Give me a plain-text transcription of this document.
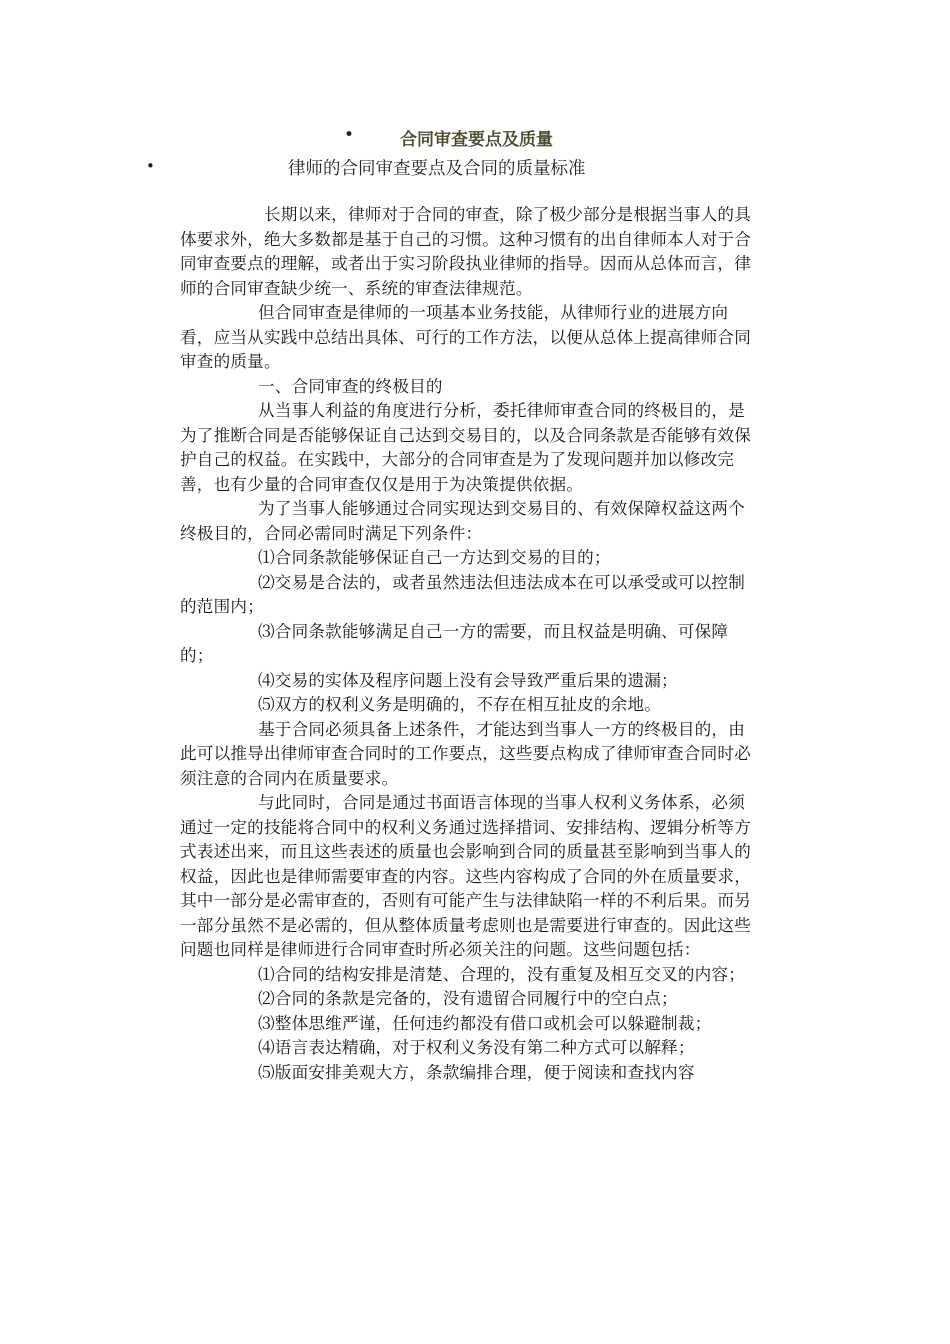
•	合同审查要点及质量
•	律师的合同审查要点及合同的质量标准

长期以来，律师对于合同的审查，除了极少部分是根据当事人的具体要求外，绝大多数都是基于自己的习惯。这种习惯有的出自律师本人对于合同审查要点的理解，或者出于实习阶段执业律师的指导。因而从总体而言，律师的合同审查缺少统一、系统的审查法律规范。

但合同审查是律师的一项基本业务技能，从律师行业的进展方向看，应当从实践中总结出具体、可行的工作方法，以便从总体上提高律师合同审查的质量。

一、合同审查的终极目的

从当事人利益的角度进行分析，委托律师审查合同的终极目的，是为了推断合同是否能够保证自己达到交易目的，以及合同条款是否能够有效保护自己的权益。在实践中，大部分的合同审查是为了发现问题并加以修改完善，也有少量的合同审查仅仅是用于为决策提供依据。

为了当事人能够通过合同实现达到交易目的、有效保障权益这两个终极目的，合同必需同时满足下列条件：

⑴合同条款能够保证自己一方达到交易的目的；

⑵交易是合法的，或者虽然违法但违法成本在可以承受或可以控制的范围内；

⑶合同条款能够满足自己一方的需要，而且权益是明确、可保障的；

⑷交易的实体及程序问题上没有会导致严重后果的遗漏；

⑸双方的权利义务是明确的，不存在相互扯皮的余地。

基于合同必须具备上述条件，才能达到当事人一方的终极目的，由此可以推导出律师审查合同时的工作要点，这些要点构成了律师审查合同时必须注意的合同内在质量要求。

与此同时，合同是通过书面语言体现的当事人权利义务体系，必须通过一定的技能将合同中的权利义务通过选择措词、安排结构、逻辑分析等方式表述出来，而且这些表述的质量也会影响到合同的质量甚至影响到当事人的权益，因此也是律师需要审查的内容。这些内容构成了合同的外在质量要求，其中一部分是必需审查的，否则有可能产生与法律缺陷一样的不利后果。而另一部分虽然不是必需的，但从整体质量考虑则也是需要进行审查的。因此这些问题也同样是律师进行合同审查时所必须关注的问题。这些问题包括：

⑴合同的结构安排是清楚、合理的，没有重复及相互交叉的内容；

⑵合同的条款是完备的，没有遗留合同履行中的空白点；

⑶整体思维严谨，任何违约都没有借口或机会可以躲避制裁；

⑷语言表达精确，对于权利义务没有第二种方式可以解释；

⑸版面安排美观大方，条款编排合理，便于阅读和查找内容
